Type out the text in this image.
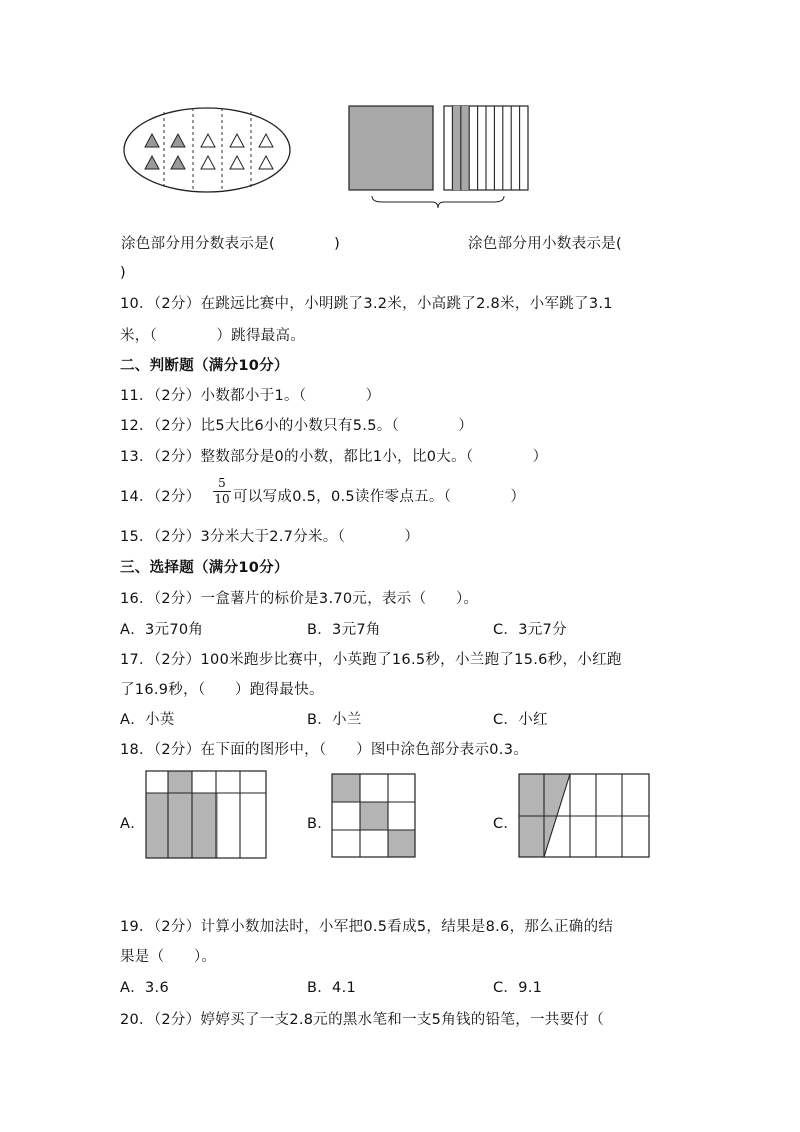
涂色部分用分数表示是(　　　　)	涂色部分用小数表示是(
)
10．（2分）在跳远比赛中，小明跳了3.2米，小高跳了2.8米，小军跳了3.1
米，（　　　　）跳得最高。
二、判断题（满分10分）
11．（2分）小数都小于1。（　　　　）
12．（2分）比5大比6小的小数只有5.5。（　　　　）
13．（2分）整数部分是0的小数，都比1小，比0大。（　　　　）
14．（2分）
5
10 可以写成0.5，0.5读作零点五。（　　　　）
15．（2分）3分米大于2.7分米。（　　　　）
三、选择题（满分10分）
16．（2分）一盒薯片的标价是3.70元，表示（　　）。
A．3元70角	B．3元7角	C．3元7分
17．（2分）100米跑步比赛中，小英跑了16.5秒，小兰跑了15.6秒，小红跑
了16.9秒，（　　）跑得最快。
A．小英	B．小兰	C．小红
18．（2分）在下面的图形中，（　　）图中涂色部分表示0.3。
A．	B．	C．
19．（2分）计算小数加法时，小军把0.5看成5，结果是8.6，那么正确的结
果是（　　）。
A．3.6	B．4.1	C．9.1
20．（2分）婷婷买了一支2.8元的黑水笔和一支5角钱的铅笔，一共要付（
